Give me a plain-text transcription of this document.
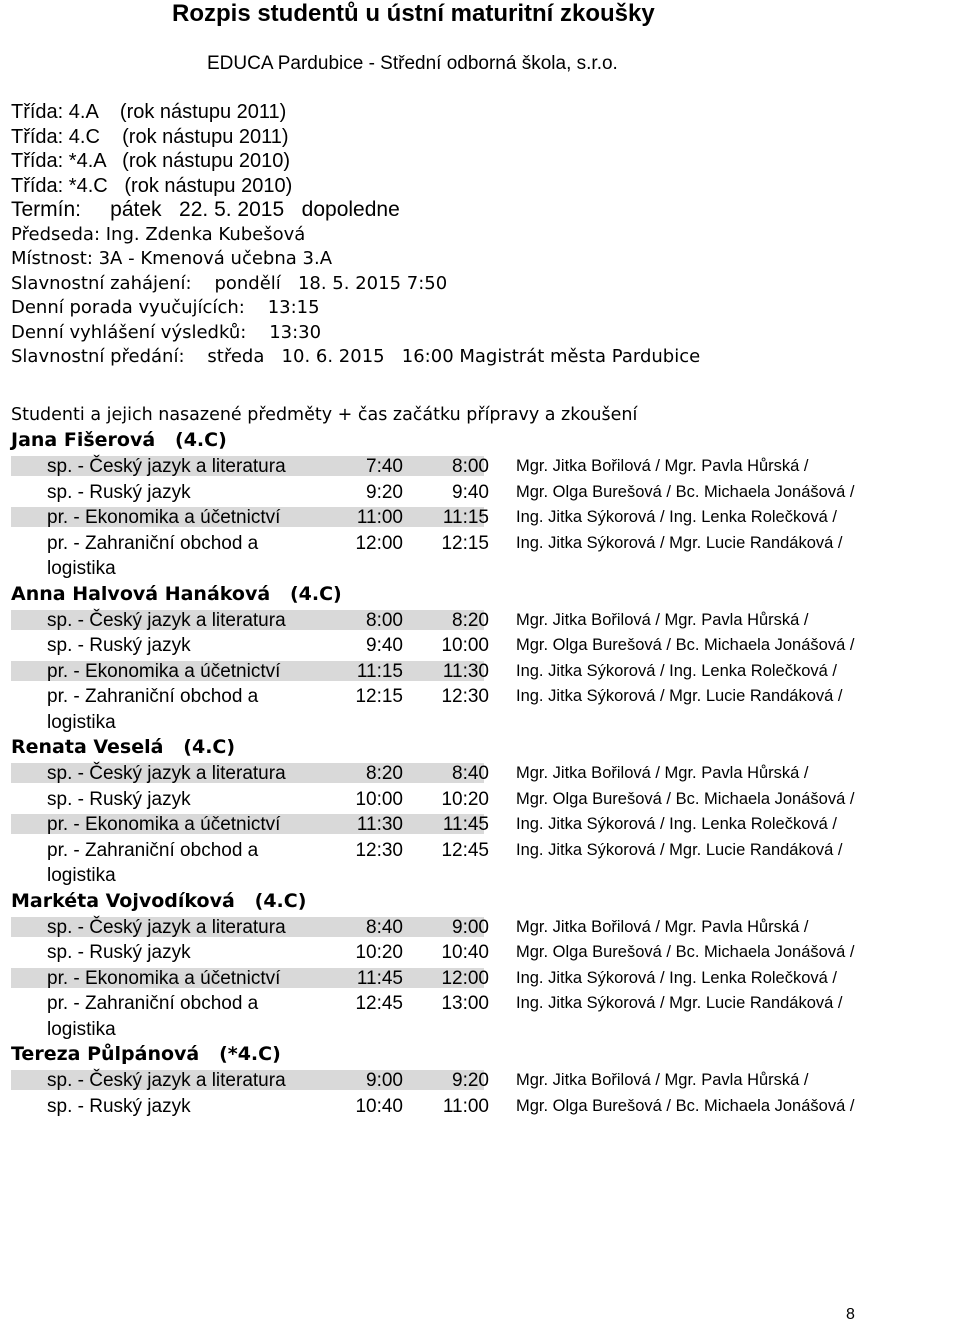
Rozpis studentů u ústní maturitní zkoušky
EDUCA Pardubice - Střední odborná škola, s.r.o.
Třída: 4.A    (rok nástupu 2011)
Třída: 4.C    (rok nástupu 2011)
Třída: *4.A   (rok nástupu 2010)
Třída: *4.C   (rok nástupu 2010)
Termín:     pátek   22. 5. 2015   dopoledne
Předseda: Ing. Zdenka Kubešová
Místnost: 3A - Kmenová učebna 3.A
Slavnostní zahájení:    pondělí   18. 5. 2015 7:50
Denní porada vyučujících:    13:15
Denní vyhlášení výsledků:    13:30
Slavnostní předání:    středa   10. 6. 2015   16:00 Magistrát města Pardubice
Studenti a jejich nasazené předměty + čas začátku přípravy a zkoušení
Jana Fišerová   (4.C)
sp. - Český jazyk a literatura	7:40	8:00 Mgr. Jitka Bořilová / Mgr. Pavla Hůrská /
sp. - Ruský jazyk	9:20	9:40 Mgr. Olga Burešová / Bc. Michaela Jonášová /
pr. - Ekonomika a účetnictví	11:00	11:15 Ing. Jitka Sýkorová / Ing. Lenka Rolečková /
pr. - Zahraniční obchod a
logistika
12:00	12:15 Ing. Jitka Sýkorová / Mgr. Lucie Randáková /
Anna Halvová Hanáková   (4.C)
sp. - Český jazyk a literatura	8:00	8:20 Mgr. Jitka Bořilová / Mgr. Pavla Hůrská /
sp. - Ruský jazyk	9:40	10:00 Mgr. Olga Burešová / Bc. Michaela Jonášová /
pr. - Ekonomika a účetnictví	11:15	11:30 Ing. Jitka Sýkorová / Ing. Lenka Rolečková /
pr. - Zahraniční obchod a
logistika
12:15	12:30 Ing. Jitka Sýkorová / Mgr. Lucie Randáková /
Renata Veselá   (4.C)
sp. - Český jazyk a literatura	8:20	8:40 Mgr. Jitka Bořilová / Mgr. Pavla Hůrská /
sp. - Ruský jazyk	10:00	10:20 Mgr. Olga Burešová / Bc. Michaela Jonášová /
pr. - Ekonomika a účetnictví	11:30	11:45 Ing. Jitka Sýkorová / Ing. Lenka Rolečková /
pr. - Zahraniční obchod a
logistika
12:30	12:45 Ing. Jitka Sýkorová / Mgr. Lucie Randáková /
Markéta Vojvodíková   (4.C)
sp. - Český jazyk a literatura	8:40	9:00 Mgr. Jitka Bořilová / Mgr. Pavla Hůrská /
sp. - Ruský jazyk	10:20	10:40 Mgr. Olga Burešová / Bc. Michaela Jonášová /
pr. - Ekonomika a účetnictví	11:45	12:00 Ing. Jitka Sýkorová / Ing. Lenka Rolečková /
pr. - Zahraniční obchod a
logistika
12:45	13:00 Ing. Jitka Sýkorová / Mgr. Lucie Randáková /
Tereza Půlpánová   (*4.C)
sp. - Český jazyk a literatura	9:00	9:20 Mgr. Jitka Bořilová / Mgr. Pavla Hůrská /
sp. - Ruský jazyk	10:40	11:00 Mgr. Olga Burešová / Bc. Michaela Jonášová /
8
